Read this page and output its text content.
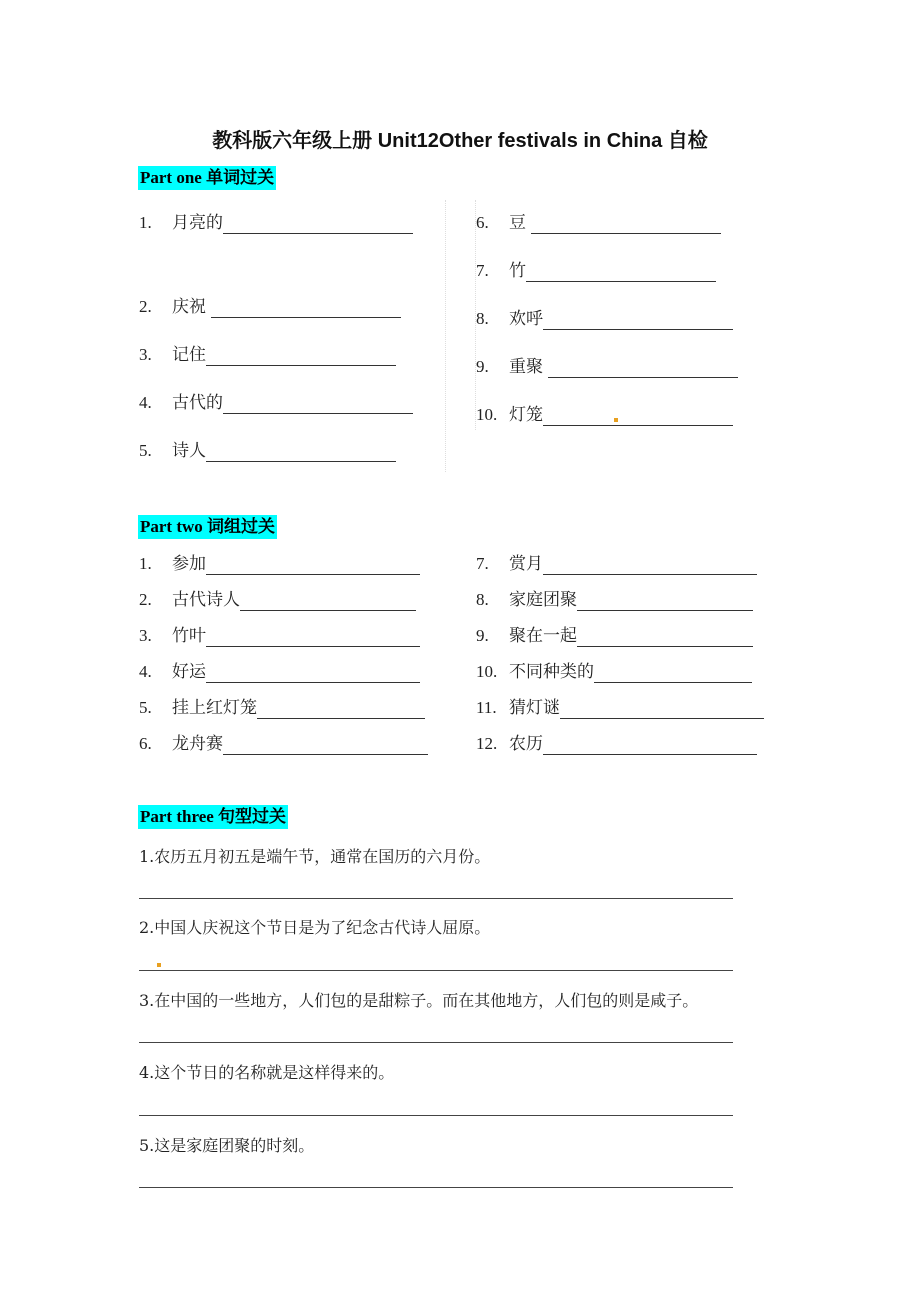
教科版六年级上册 Unit12Other festivals in China 自检
Part one 单词过关
1. 月亮的
2. 庆祝
3. 记住
4. 古代的
5. 诗人
6. 豆
7. 竹
8. 欢呼
9. 重聚
10. 灯笼
Part two 词组过关
1. 参加
2. 古代诗人
3. 竹叶
4. 好运
5. 挂上红灯笼
6. 龙舟赛
7. 赏月
8. 家庭团聚
9. 聚在一起
10. 不同种类的
11. 猜灯谜
12. 农历
Part three 句型过关
1.农历五月初五是端午节，通常在国历的六月份。
2.中国人庆祝这个节日是为了纪念古代诗人屈原。
3.在中国的一些地方，人们包的是甜粽子。而在其他地方，人们包的则是咸子。
4.这个节日的名称就是这样得来的。
5.这是家庭团聚的时刻。
